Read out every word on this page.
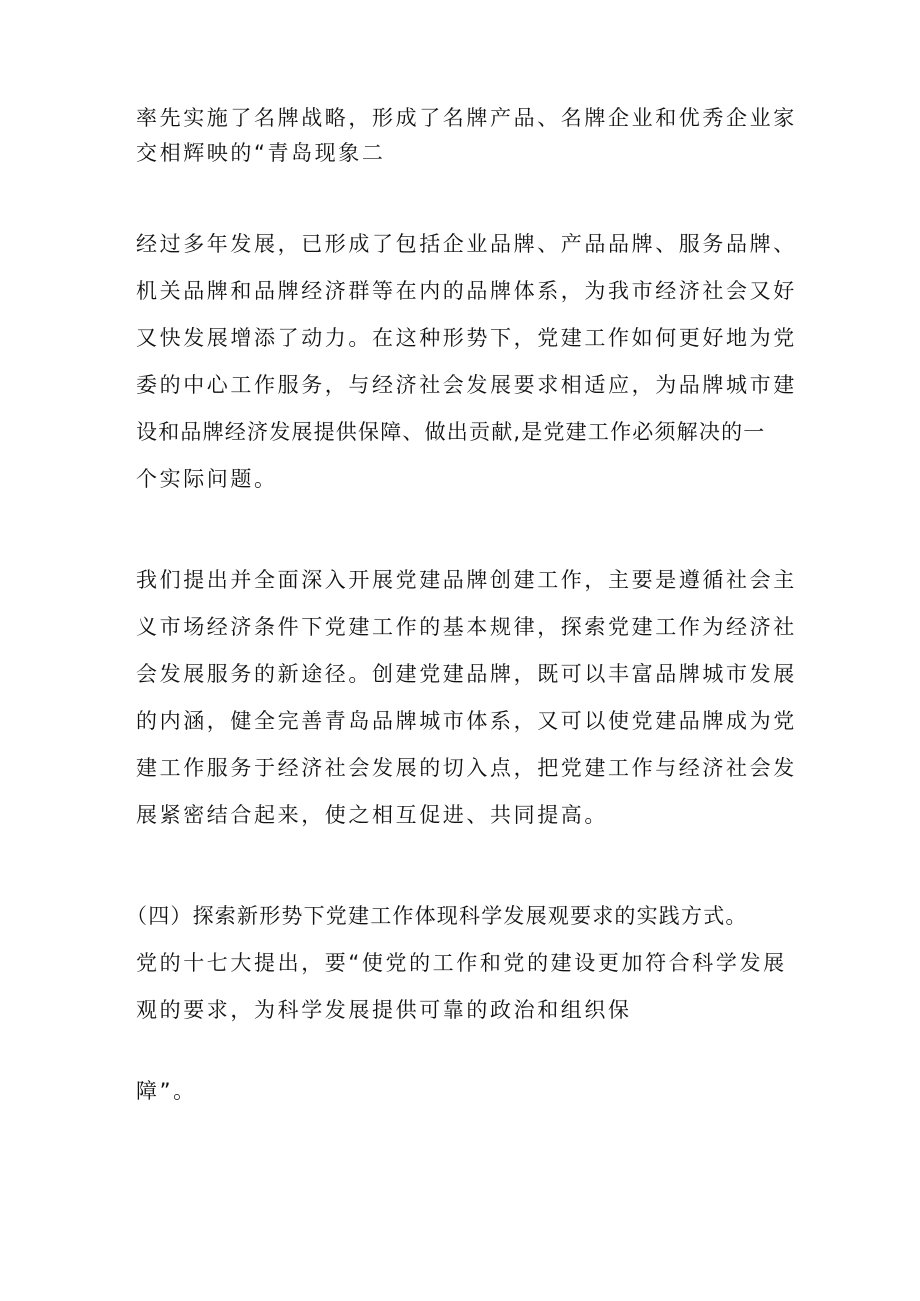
率先实施了名牌战略，形成了名牌产品、名牌企业和优秀企业家
交相辉映的“青岛现象二
经过多年发展，已形成了包括企业品牌、产品品牌、服务品牌、
机关品牌和品牌经济群等在内的品牌体系，为我市经济社会又好
又快发展增添了动力。在这种形势下，党建工作如何更好地为党
委的中心工作服务，与经济社会发展要求相适应，为品牌城市建
设和品牌经济发展提供保障、做出贡献,是党建工作必须解决的一
个实际问题。
我们提出并全面深入开展党建品牌创建工作，主要是遵循社会主
义市场经济条件下党建工作的基本规律，探索党建工作为经济社
会发展服务的新途径。创建党建品牌，既可以丰富品牌城市发展
的内涵，健全完善青岛品牌城市体系，又可以使党建品牌成为党
建工作服务于经济社会发展的切入点，把党建工作与经济社会发
展紧密结合起来，使之相互促进、共同提高。
（四）探索新形势下党建工作体现科学发展观要求的实践方式。
党的十七大提出，要“使党的工作和党的建设更加符合科学发展
观的要求，为科学发展提供可靠的政治和组织保
障”。
